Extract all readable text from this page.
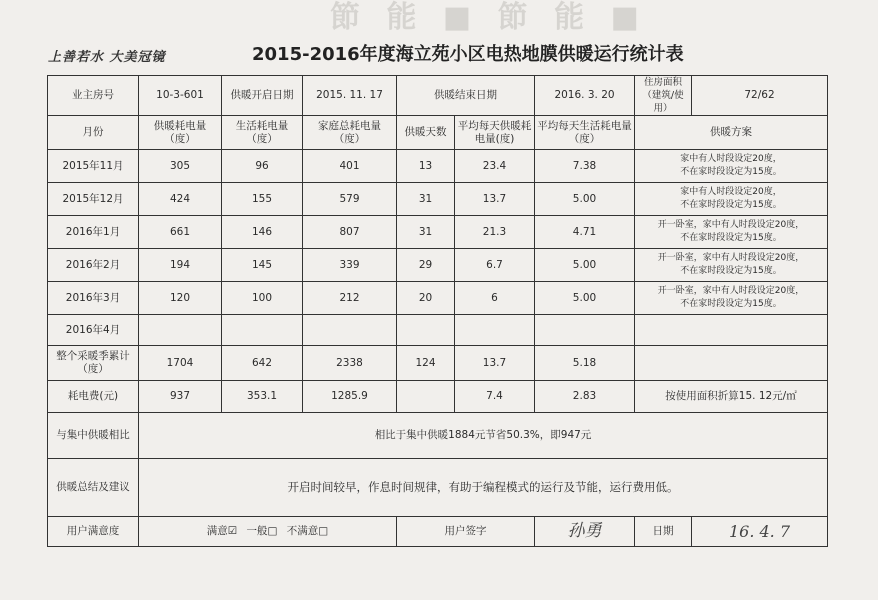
節 能 ■ 節 能 ■
上善若水 大美冠镜	2015-2016年度海立苑小区电热地膜供暖运行统计表
业主房号	10-3-601	供暖开启日期	2015. 11. 17	供暖结束日期		2016. 3. 20	住房面积
（建筑/使用）	72/62
月份	供暖耗电量（度）	生活耗电量（度）	家庭总耗电量（度）	供暖天数	平均每天供暖耗电量(度)	平均每天生活耗电量（度）	供暖方案	
2015年11月	305	96	401	13	23.4	7.38	家中有人时段设定20度，
不在家时段设定为15度。	

2015年12月	424	155	579	31	13.7	5.00	家中有人时段设定20度，
不在家时段设定为15度。	

2016年1月	661	146	807	31	21.3	4.71	开一卧室，家中有人时段设定20度，
不在家时段设定为15度。	

2016年2月	194	145	339	29	6.7	5.00	开一卧室，家中有人时段设定20度，
不在家时段设定为15度。	

2016年3月	120	100	212	20	6	5.00	开一卧室，家中有人时段设定20度，
不在家时段设定为15度。	

2016年4月								

整个采暖季累计（度）	1704	642	2338	124	13.7	5.18		
耗电费(元)	937	353.1	1285.9		7.4	2.83	按使用面积折算15. 12元/㎡	
与集中供暖相比	相比于集中供暖1884元节省50.3%，即947元							
供暖总结及建议	开启时间较早，作息时间规律，有助于编程模式的运行及节能，运行费用低。							
用户满意度	满意☑ 一般□ 不满意□			用户签字		孙勇	日期	16. 4. 7
